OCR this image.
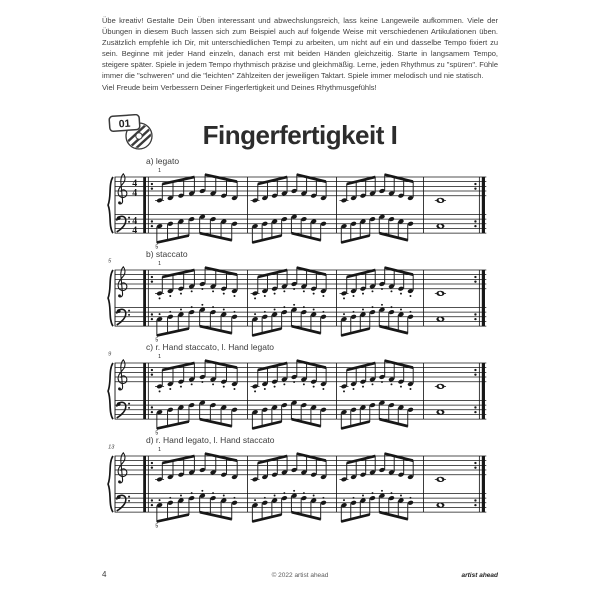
Übe kreativ! Gestalte Dein Üben interessant und abwechslungsreich, lass keine Langeweile aufkommen. Viele der Übungen in diesem Buch lassen sich zum Beispiel auch auf folgende Weise mit verschiedenen Artikulationen üben. Zusätzlich empfehle ich Dir, mit unterschiedlichen Tempi zu arbeiten, um nicht auf ein und dasselbe Tempo fixiert zu sein. Beginne mit jeder Hand einzeln, danach erst mit beiden Händen gleichzeitig. Starte in langsamem Tempo, steigere später. Spiele in jedem Tempo rhythmisch präzise und gleichmäßig. Lerne, jeden Rhythmus zu "spüren". Fühle immer die "schweren" und die "leichten" Zählzeiten der jeweiligen Taktart. Spiele immer melodisch und nie statisch.

Viel Freude beim Verbessern Deiner Fingerfertigkeit und Deines Rhythmusgefühls!

01	Fingerfertigkeit I
a) legato
4
4
4
4
1
5
b) staccato
5	1
5
c) r. Hand staccato, l. Hand legato
9	1
5
d) r. Hand legato, l. Hand staccato
13	1
5
4	© 2022 artist ahead	artist ahead
